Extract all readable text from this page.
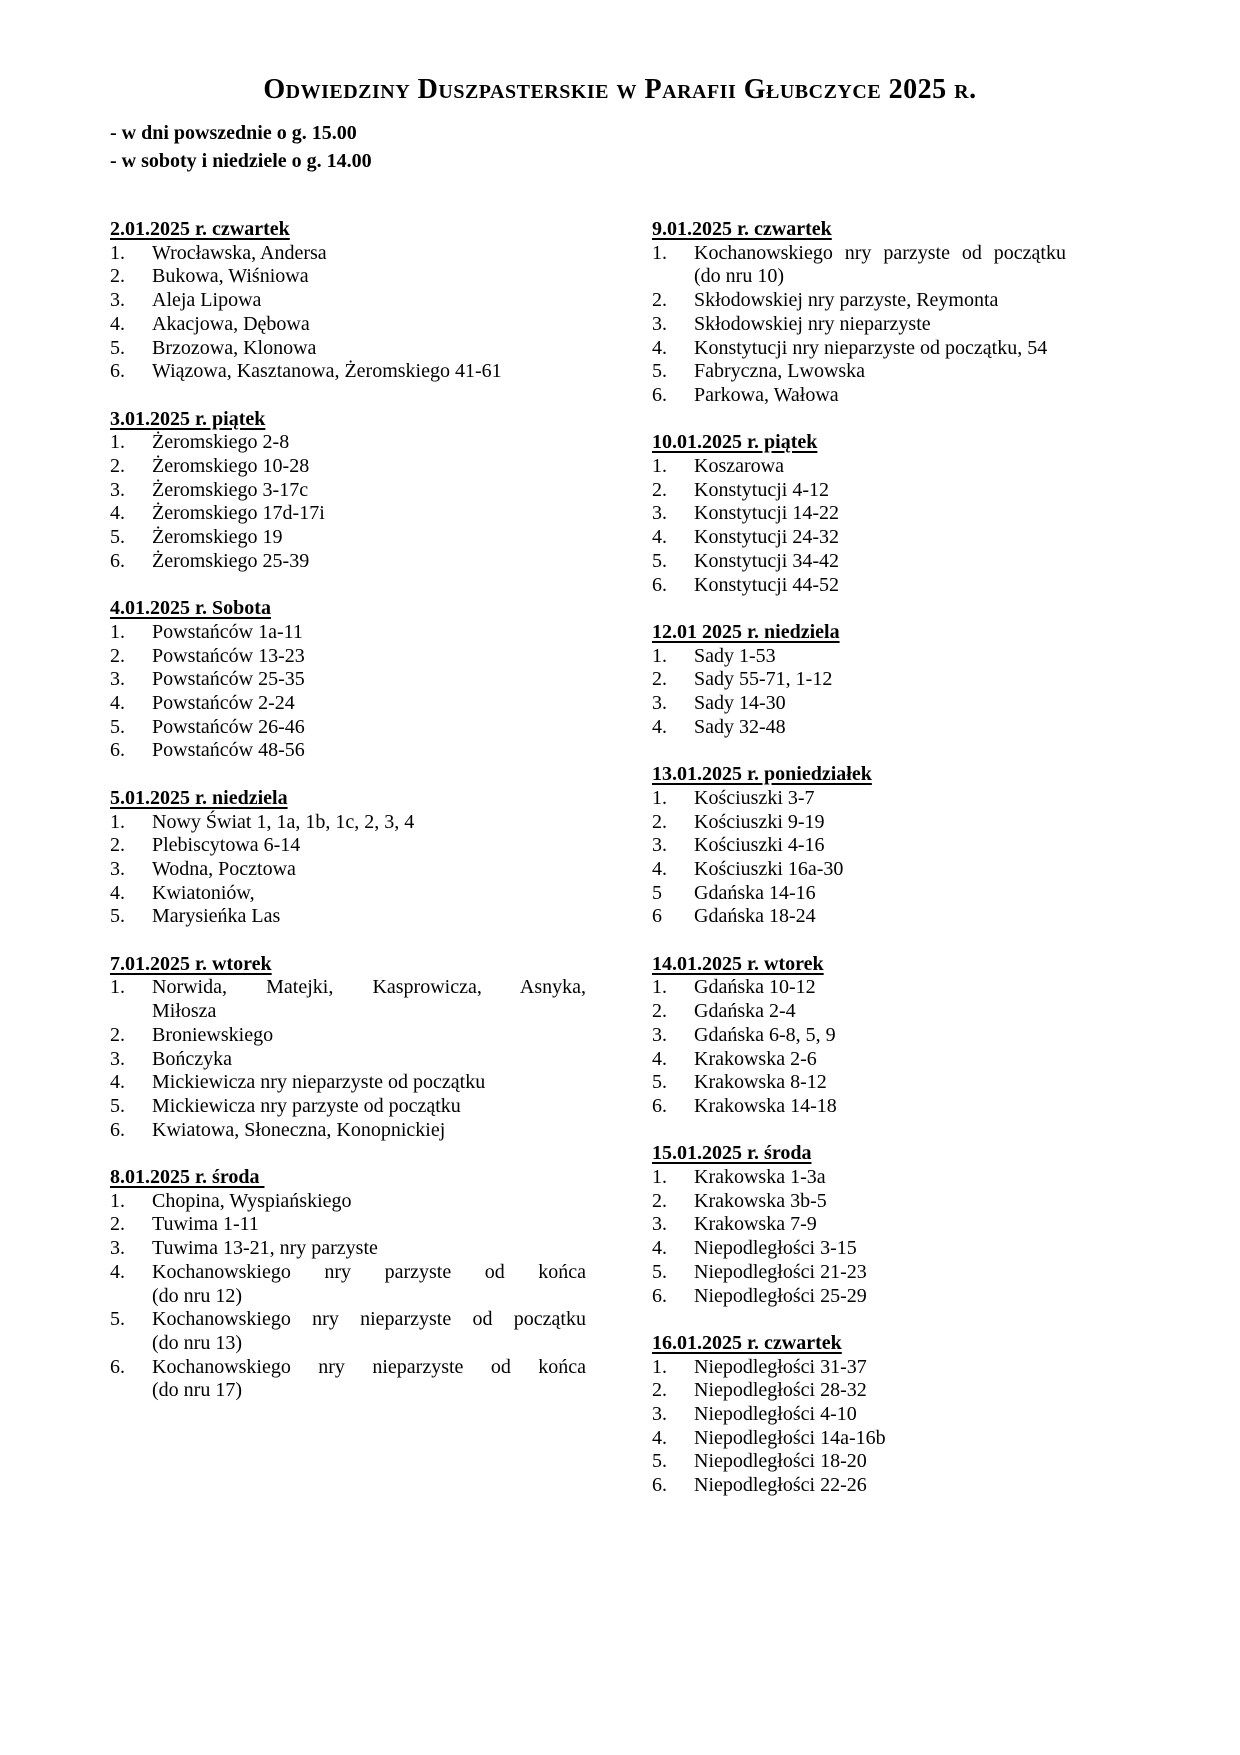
Odwiedziny Duszpasterskie w Parafii Głubczyce 2025 r.
- w dni powszednie o g. 15.00
- w soboty i niedziele o g. 14.00
2.01.2025 r. czwartek
1. Wrocławska, Andersa
2. Bukowa, Wiśniowa
3. Aleja Lipowa
4. Akacjowa, Dębowa
5. Brzozowa, Klonowa
6. Wiązowa, Kasztanowa, Żeromskiego 41-61
3.01.2025 r. piątek
1. Żeromskiego 2-8
2. Żeromskiego 10-28
3. Żeromskiego 3-17c
4. Żeromskiego 17d-17i
5. Żeromskiego 19
6. Żeromskiego 25-39
4.01.2025 r. Sobota
1. Powstańców 1a-11
2. Powstańców 13-23
3. Powstańców 25-35
4. Powstańców 2-24
5. Powstańców 26-46
6. Powstańców 48-56
5.01.2025 r. niedziela
1. Nowy Świat 1, 1a, 1b, 1c, 2, 3, 4
2. Plebiscytowa 6-14
3. Wodna, Pocztowa
4. Kwiatoniów,
5. Marysieńka Las
7.01.2025 r. wtorek
1. Norwida, Matejki, Kasprowicza, Asnyka,
Miłosza
2. Broniewskiego
3. Bończyka
4. Mickiewicza nry nieparzyste od początku
5. Mickiewicza nry parzyste od początku
6. Kwiatowa, Słoneczna, Konopnickiej
8.01.2025 r. środa
1. Chopina, Wyspiańskiego
2. Tuwima 1-11
3. Tuwima 13-21, nry parzyste
4. Kochanowskiego nry parzyste od końca
(do nru 12)
5. Kochanowskiego nry nieparzyste od początku
(do nru 13)
6. Kochanowskiego nry nieparzyste od końca
(do nru 17)
9.01.2025 r. czwartek
1. Kochanowskiego nry parzyste od początku
(do nru 10)
2. Skłodowskiej nry parzyste, Reymonta
3. Skłodowskiej nry nieparzyste
4. Konstytucji nry nieparzyste od początku, 54
5. Fabryczna, Lwowska
6. Parkowa, Wałowa
10.01.2025 r. piątek
1. Koszarowa
2. Konstytucji 4-12
3. Konstytucji 14-22
4. Konstytucji 24-32
5. Konstytucji 34-42
6. Konstytucji 44-52
12.01 2025 r. niedziela
1. Sady 1-53
2. Sady 55-71, 1-12
3. Sady 14-30
4. Sady 32-48
13.01.2025 r. poniedziałek
1. Kościuszki 3-7
2. Kościuszki 9-19
3. Kościuszki 4-16
4. Kościuszki 16a-30
5 Gdańska 14-16
6 Gdańska 18-24
14.01.2025 r. wtorek
1. Gdańska 10-12
2. Gdańska 2-4
3. Gdańska 6-8, 5, 9
4. Krakowska 2-6
5. Krakowska 8-12
6. Krakowska 14-18
15.01.2025 r. środa
1. Krakowska 1-3a
2. Krakowska 3b-5
3. Krakowska 7-9
4. Niepodległości 3-15
5. Niepodległości 21-23
6. Niepodległości 25-29
16.01.2025 r. czwartek
1. Niepodległości 31-37
2. Niepodległości 28-32
3. Niepodległości 4-10
4. Niepodległości 14a-16b
5. Niepodległości 18-20
6. Niepodległości 22-26
